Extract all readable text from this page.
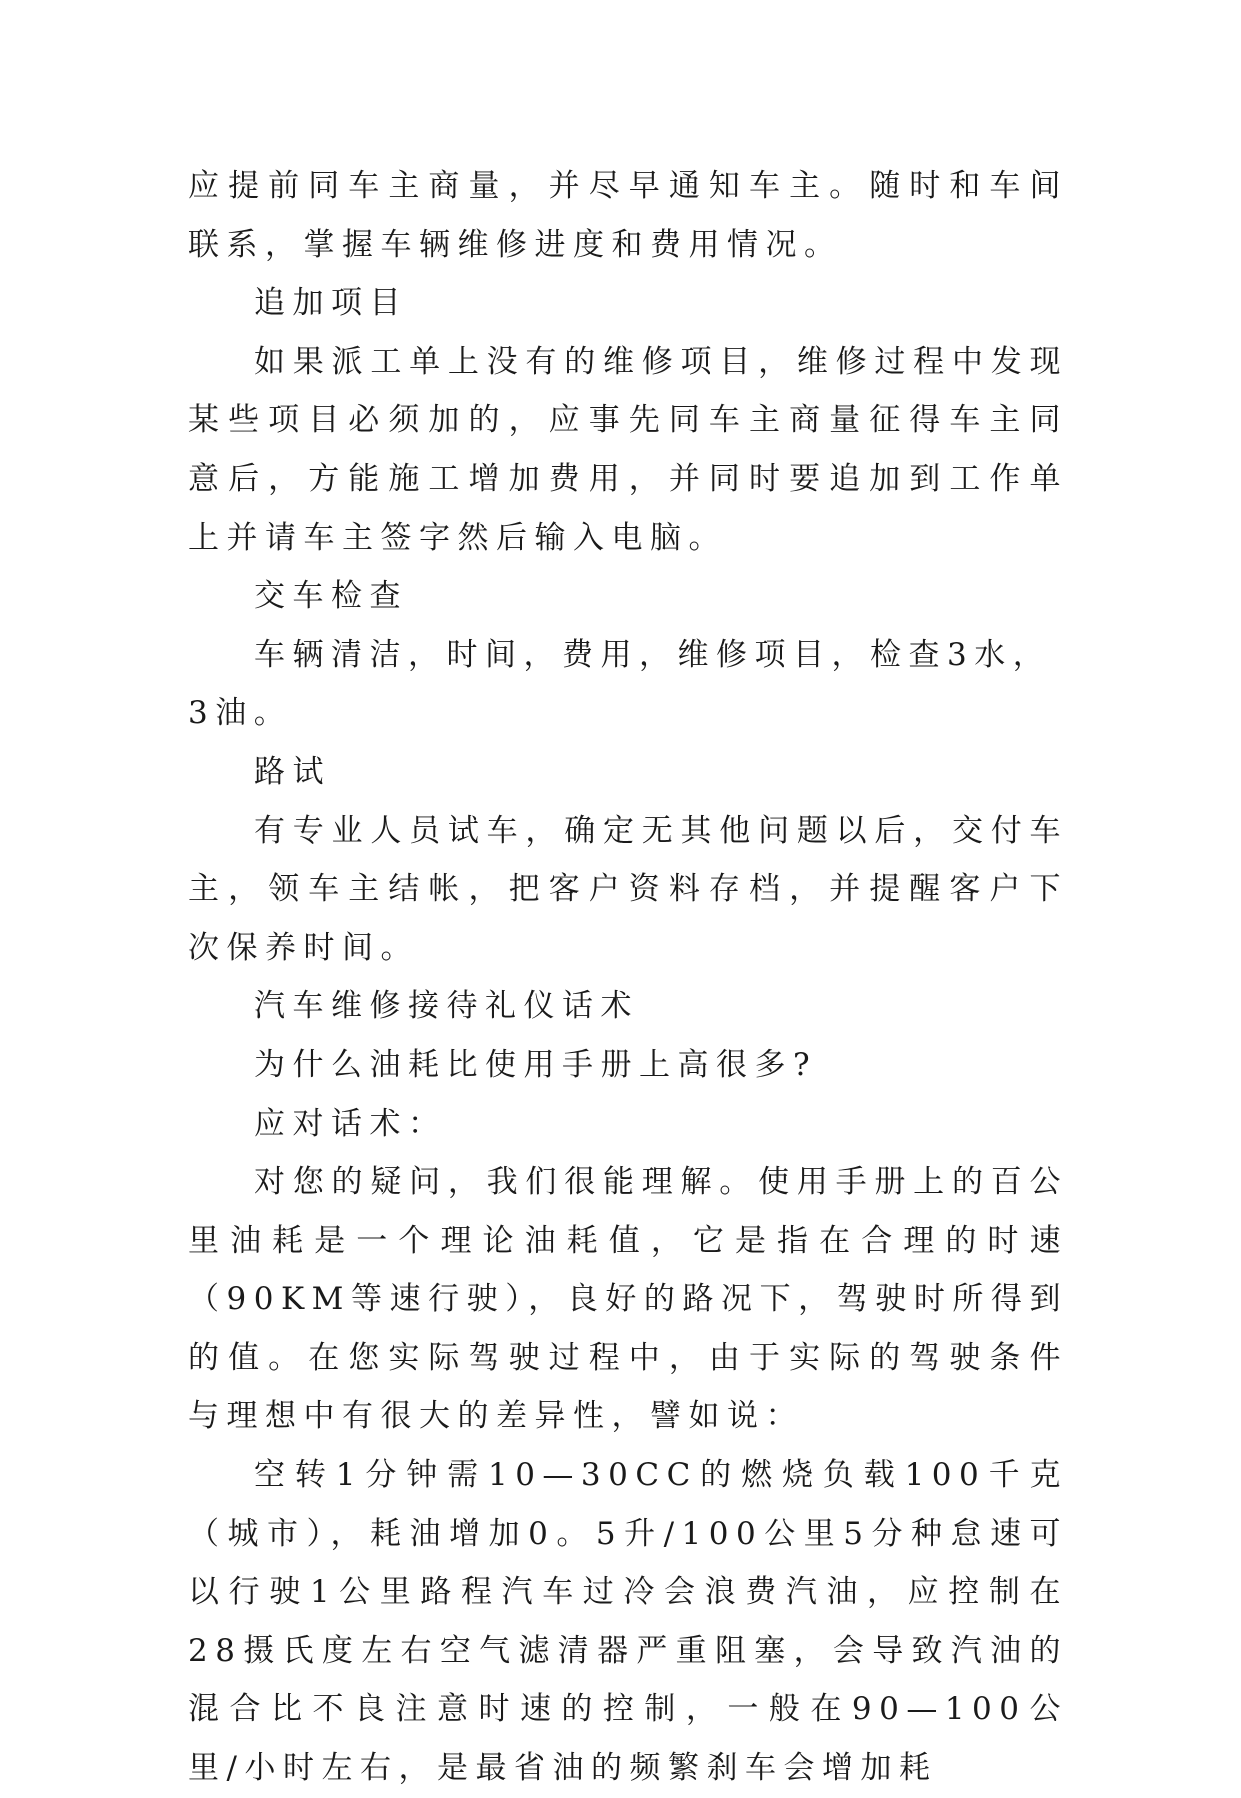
应提前同车主商量，并尽早通知车主。随时和车间联系，掌握车辆维修进度和费用情况。

追加项目

如果派工单上没有的维修项目，维修过程中发现某些项目必须加的，应事先同车主商量征得车主同意后，方能施工增加费用，并同时要追加到工作单上并请车主签字然后输入电脑。

交车检查

车辆清洁，时间，费用，维修项目，检查3水，3油。

路试

有专业人员试车，确定无其他问题以后，交付车主，领车主结帐，把客户资料存档，并提醒客户下次保养时间。

汽车维修接待礼仪话术

为什么油耗比使用手册上高很多?

应对话术：

对您的疑问，我们很能理解。使用手册上的百公里油耗是一个理论油耗值，它是指在合理的时速（90KM等速行驶），良好的路况下，驾驶时所得到的值。在您实际驾驶过程中，由于实际的驾驶条件与理想中有很大的差异性，譬如说：

空转1分钟需10—30CC的燃烧负载100千克（城市），耗油增加0。5升/100公里5分种怠速可以行驶1公里路程汽车过冷会浪费汽油，应控制在28摄氏度左右空气滤清器严重阻塞，会导致汽油的混合比不良注意时速的控制，一般在90—100公里/小时左右，是最省油的频繁刹车会增加耗
